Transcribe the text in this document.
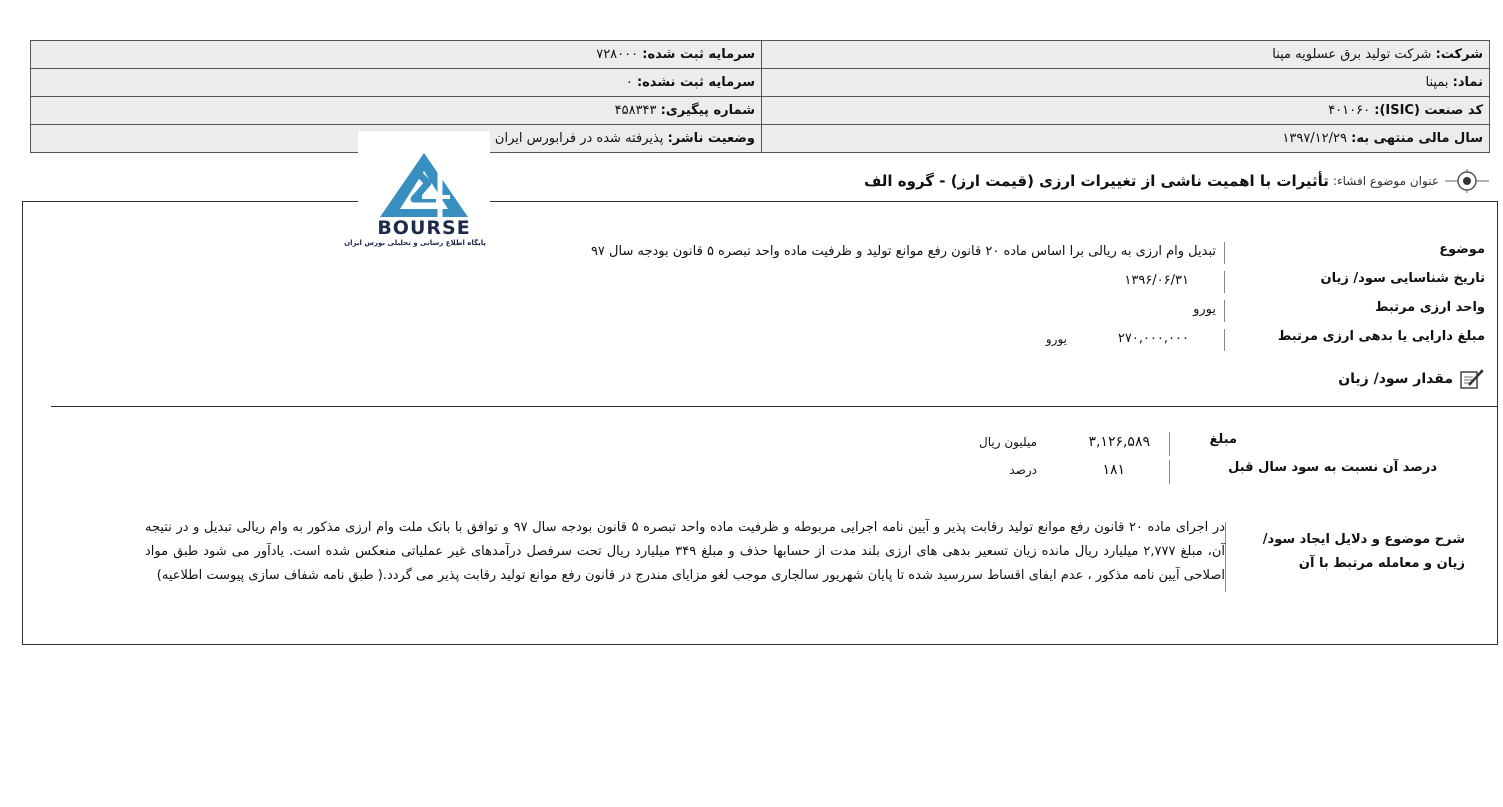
شرکت: شرکت تولید برق عسلویه مپنا	سرمایه ثبت شده: ۷۲۸۰۰۰
نماد: بمپنا	سرمایه ثبت نشده: ۰
کد صنعت (ISIC): ۴۰۱۰۶۰	شماره پیگیری: ۴۵۸۳۴۳
سال مالی منتهی به: ۱۳۹۷/۱۲/۲۹	وضعیت ناشر: پذیرفته شده در فرابورس ایران
عنوان موضوع افشاء:
تأثیرات با اهمیت ناشی از تغییرات ارزی (قیمت ارز) - گروه الف
موضوع
تبدیل وام ارزی به ریالی برا اساس ماده ۲۰ قانون رفع موانع تولید و ظرفیت ماده واحد تبصره ۵ قانون بودجه سال ۹۷
تاریخ شناسایی سود/ زیان
۱۳۹۶/۰۶/۳۱
واحد ارزی مرتبط
یورو
مبلغ دارایی یا بدهی ارزی مرتبط
۲۷۰,۰۰۰,۰۰۰
یورو
مقدار سود/ زیان
مبلغ
۳,۱۲۶,۵۸۹
میلیون ریال
درصد آن نسبت به سود سال قبل
۱۸۱
درصد
شرح موضوع و دلایل ایجاد سود/ زیان و معامله مرتبط با آن
در اجرای ماده ۲۰ قانون رفع موانع تولید رقابت پذیر و آیین نامه اجرایی مربوطه و ظرفیت ماده واحد تبصره ۵ قانون بودجه سال ۹۷ و توافق با بانک ملت وام ارزی مذکور به وام ریالی تبدیل و در نتیجه آن، مبلغ ۲,۷۷۷ میلیارد ریال مانده زیان تسعیر بدهی های ارزی بلند مدت از حسابها حذف و مبلغ ۳۴۹ میلیارد ریال تحت سرفصل درآمدهای غیر عملیاتی منعکس شده است. یادآور می شود طبق مواد اصلاحی آیین نامه مذکور ، عدم ایفای اقساط سررسید شده تا پایان شهریور سالجاری موجب لغو مزایای مندرج در قانون رفع موانع تولید رقابت پذیر می گردد.( طبق نامه شفاف سازی پیوست اطلاعیه)
BOURSE
پایگاه اطلاع رسانی و تحلیلی بورس ایران
